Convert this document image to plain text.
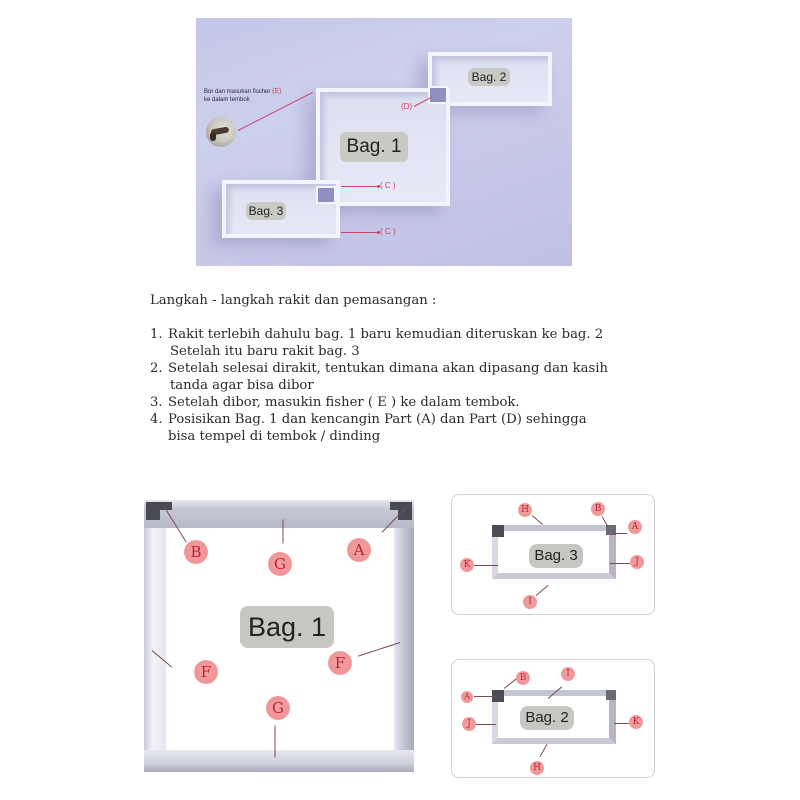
Bag. 2
Bag. 1
Bag. 3
Bor dan masukan fischer (E)
ke dalam tembok
(D)
( C )
( C )
Langkah - langkah rakit dan pemasangan :
1. Rakit terlebih dahulu bag. 1 baru kemudian diteruskan ke bag. 2
Setelah itu baru rakit bag. 3
2. Setelah selesai dirakit, tentukan dimana akan dipasang dan kasih
tanda agar bisa dibor
3. Setelah dibor, masukin fisher ( E ) ke dalam tembok.
4. Posisikan Bag. 1 dan kencangin Part (A) dan Part (D) sehingga
bisa tempel di tembok / dinding
Bag. 1
B
G
A
F	F
G
Bag. 3
H	B
A
K	J
I
Bag. 2
B	I
A
J	K
H
